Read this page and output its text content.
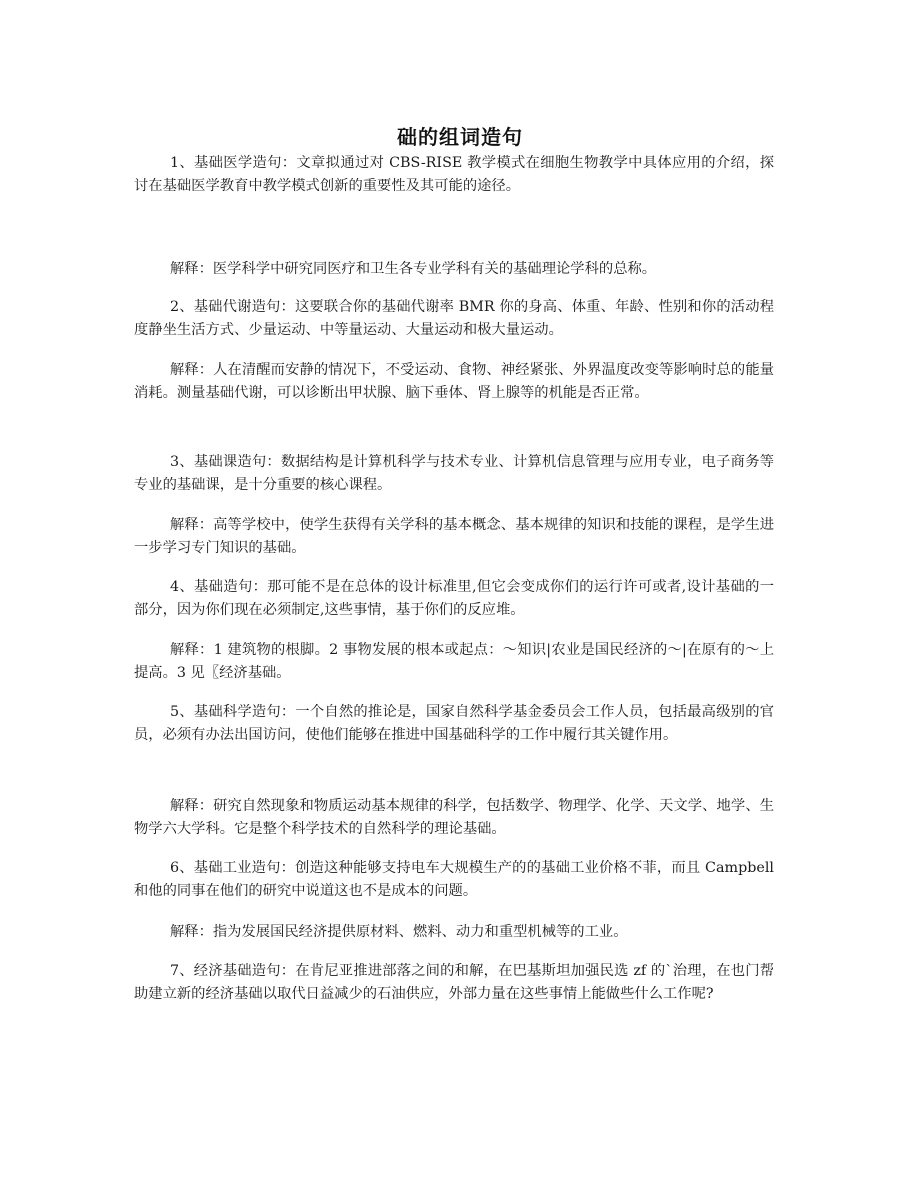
础的组词造句

1、基础医学造句：文章拟通过对 CBS-RISE 教学模式在细胞生物教学中具体应用的介绍，探讨在基础医学教育中教学模式创新的重要性及其可能的途径。

解释：医学科学中研究同医疗和卫生各专业学科有关的基础理论学科的总称。

2、基础代谢造句：这要联合你的基础代谢率 BMR 你的身高、体重、年龄、性别和你的活动程度静坐生活方式、少量运动、中等量运动、大量运动和极大量运动。

解释：人在清醒而安静的情况下，不受运动、食物、神经紧张、外界温度改变等影响时总的能量消耗。测量基础代谢，可以诊断出甲状腺、脑下垂体、肾上腺等的机能是否正常。

3、基础课造句：数据结构是计算机科学与技术专业、计算机信息管理与应用专业，电子商务等专业的基础课，是十分重要的核心课程。

解释：高等学校中，使学生获得有关学科的基本概念、基本规律的知识和技能的课程，是学生进一步学习专门知识的基础。

4、基础造句：那可能不是在总体的设计标准里,但它会变成你们的运行许可或者,设计基础的一部分，因为你们现在必须制定,这些事情，基于你们的反应堆。

解释：1 建筑物的根脚。2 事物发展的根本或起点：～知识|农业是国民经济的～|在原有的～上提高。3 见〖经济基础。

5、基础科学造句：一个自然的推论是，国家自然科学基金委员会工作人员，包括最高级别的官员，必须有办法出国访问，使他们能够在推进中国基础科学的工作中履行其关键作用。

解释：研究自然现象和物质运动基本规律的科学，包括数学、物理学、化学、天文学、地学、生物学六大学科。它是整个科学技术的自然科学的理论基础。

6、基础工业造句：创造这种能够支持电车大规模生产的的基础工业价格不菲，而且 Campbell 和他的同事在他们的研究中说道这也不是成本的问题。

解释：指为发展国民经济提供原材料、燃料、动力和重型机械等的工业。

7、经济基础造句：在肯尼亚推进部落之间的和解，在巴基斯坦加强民选 zf 的`治理，在也门帮助建立新的经济基础以取代日益减少的石油供应，外部力量在这些事情上能做些什么工作呢?
